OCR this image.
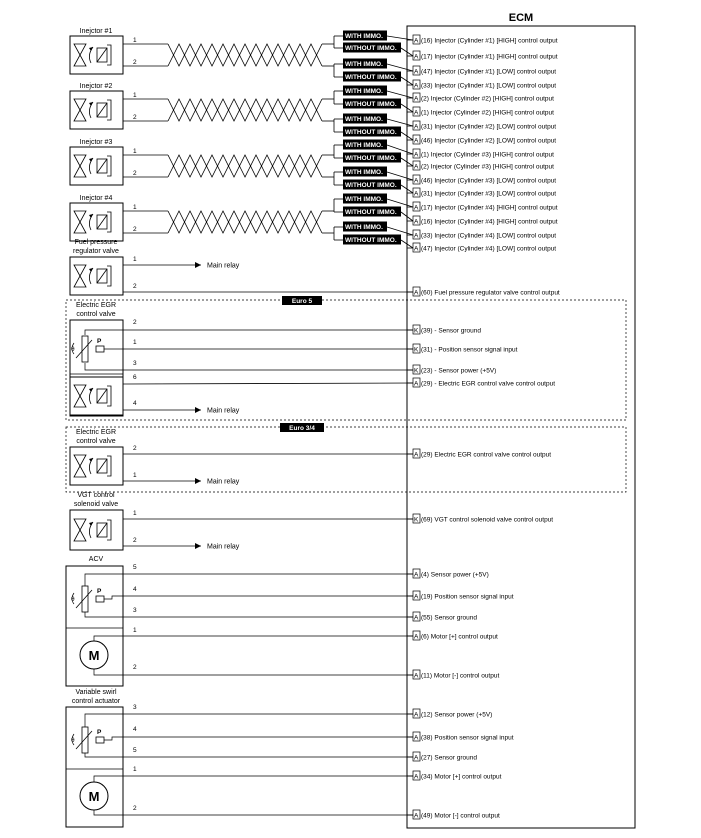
ECM
Inejctor #1
1
2
WITH IMMO.
A (16) Injector (Cylinder #1) [HIGH] control output
WITHOUT IMMO.
A (17) Injector (Cylinder #1) [HIGH] control output
WITH IMMO.
A (47) Injector (Cylinder #1) [LOW] control output
WITHOUT IMMO.
A (33) Injector (Cylinder #1) [LOW] control output
Inejctor #2
1
2
WITH IMMO.
A (2) Injector (Cylinder #2) [HIGH] control output
WITHOUT IMMO.
A (1) Injector (Cylinder #2) [HIGH] control output
WITH IMMO.
A (31) Injector (Cylinder #2) [LOW] control output
WITHOUT IMMO.
A (46) Injector (Cylinder #2) [LOW] control output
Inejctor #3
1
2
WITH IMMO.
A (1) Injector (Cylinder #3) [HIGH] control output
WITHOUT IMMO.
A (2) Injector (Cylinder #3) [HIGH] control output
WITH IMMO.
A (46) Injector (Cylinder #3) [LOW] control output
WITHOUT IMMO.
A (31) Injector (Cylinder #3) [LOW] control output
Inejctor #4
1
2
WITH IMMO.
A (17) Injector (Cylinder #4) [HIGH] control output
WITHOUT IMMO.
A (16) Injector (Cylinder #4) [HIGH] control output
WITH IMMO.
A (33) Injector (Cylinder #4) [LOW] control output
WITHOUT IMMO.
A (47) Injector (Cylinder #4) [LOW] control output
Fuel pressure
regulator valve
1
Main relay
2
A (60) Fuel pressure regulator valve control output
Euro 5
Electric EGR
control valve
θ
P
2
1
3
6
4
K (39) - Sensor ground
K (31) - Position sensor signal input
K (23) - Sensor power (+5V)
A (29) - Electric EGR control valve control output
Main relay
Euro 3/4
Electric EGR
control valve
2
A (29) Electric EGR control valve control output
1
Main relay
VGT control
solenoid valve
1
K (69) VGT control solenoid valve control output
2
Main relay
ACV
θ
P
M
5
4
3
1
2
A (4) Sensor power (+5V)
A (19) Position sensor signal input
A (55) Sensor ground
A (6) Motor [+] control output
A (11) Motor [-] control output
Variable swirl
control actuator
θ
P
M
3
4
5
1
2
A (12) Sensor power (+5V)
A (38) Position sensor signal input
A (27) Sensor ground
A (34) Motor [+] control output
A (49) Motor [-] control output
